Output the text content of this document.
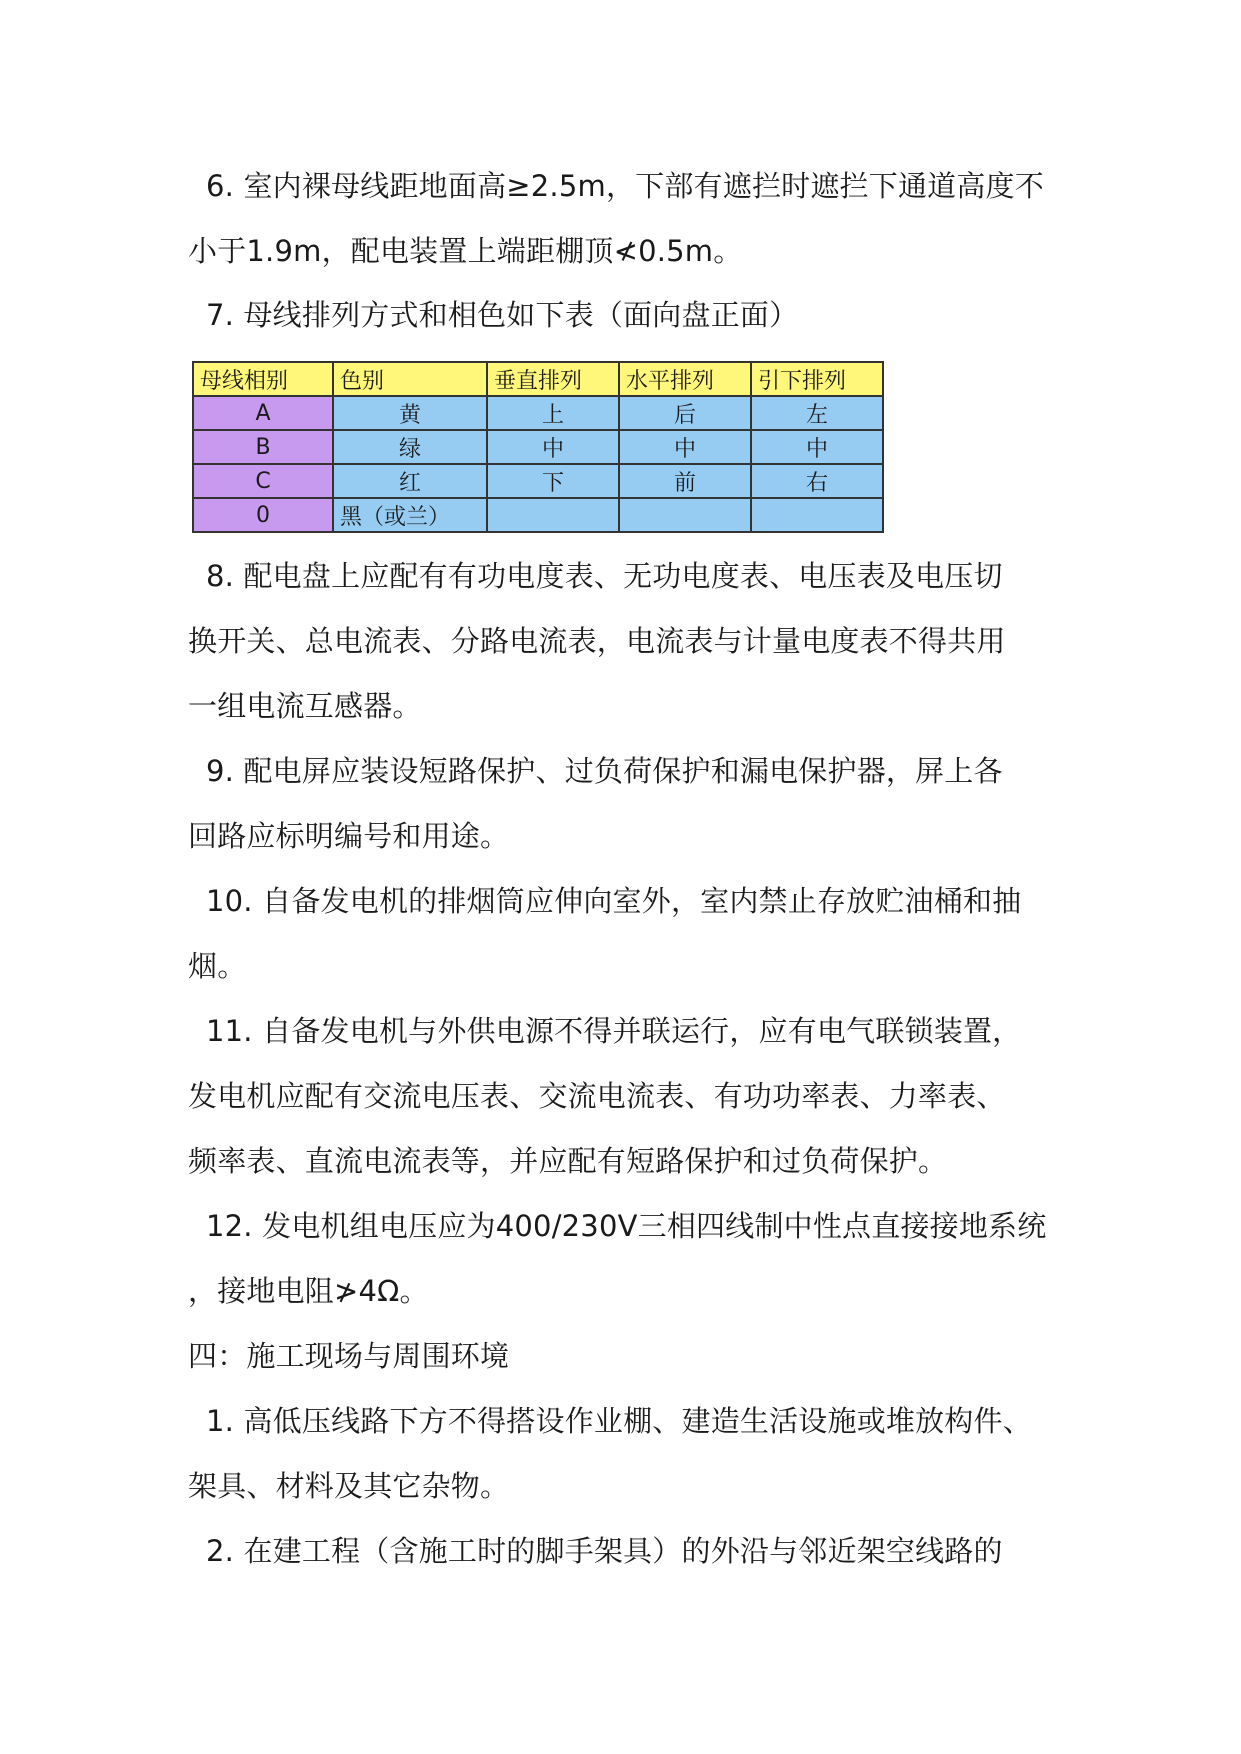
6. 室内裸母线距地面高≥2.5m，下部有遮拦时遮拦下通道高度不
小于1.9m，配电装置上端距棚顶≮0.5m。
7. 母线排列方式和相色如下表（面向盘正面）
母线相别	色别	垂直排列	水平排列	引下排列
A	黄	上	后	左
B	绿	中	中	中
C	红	下	前	右
0	黑（或兰）			
8. 配电盘上应配有有功电度表、无功电度表、电压表及电压切
换开关、总电流表、分路电流表，电流表与计量电度表不得共用
一组电流互感器。
9. 配电屏应装设短路保护、过负荷保护和漏电保护器，屏上各
回路应标明编号和用途。
10. 自备发电机的排烟筒应伸向室外，室内禁止存放贮油桶和抽
烟。
11. 自备发电机与外供电源不得并联运行，应有电气联锁装置，
发电机应配有交流电压表、交流电流表、有功功率表、力率表、
频率表、直流电流表等，并应配有短路保护和过负荷保护。
12. 发电机组电压应为400/230V三相四线制中性点直接接地系统
，接地电阻≯4Ω。
四：施工现场与周围环境
1. 高低压线路下方不得搭设作业棚、建造生活设施或堆放构件、
架具、材料及其它杂物。
2. 在建工程（含施工时的脚手架具）的外沿与邻近架空线路的
